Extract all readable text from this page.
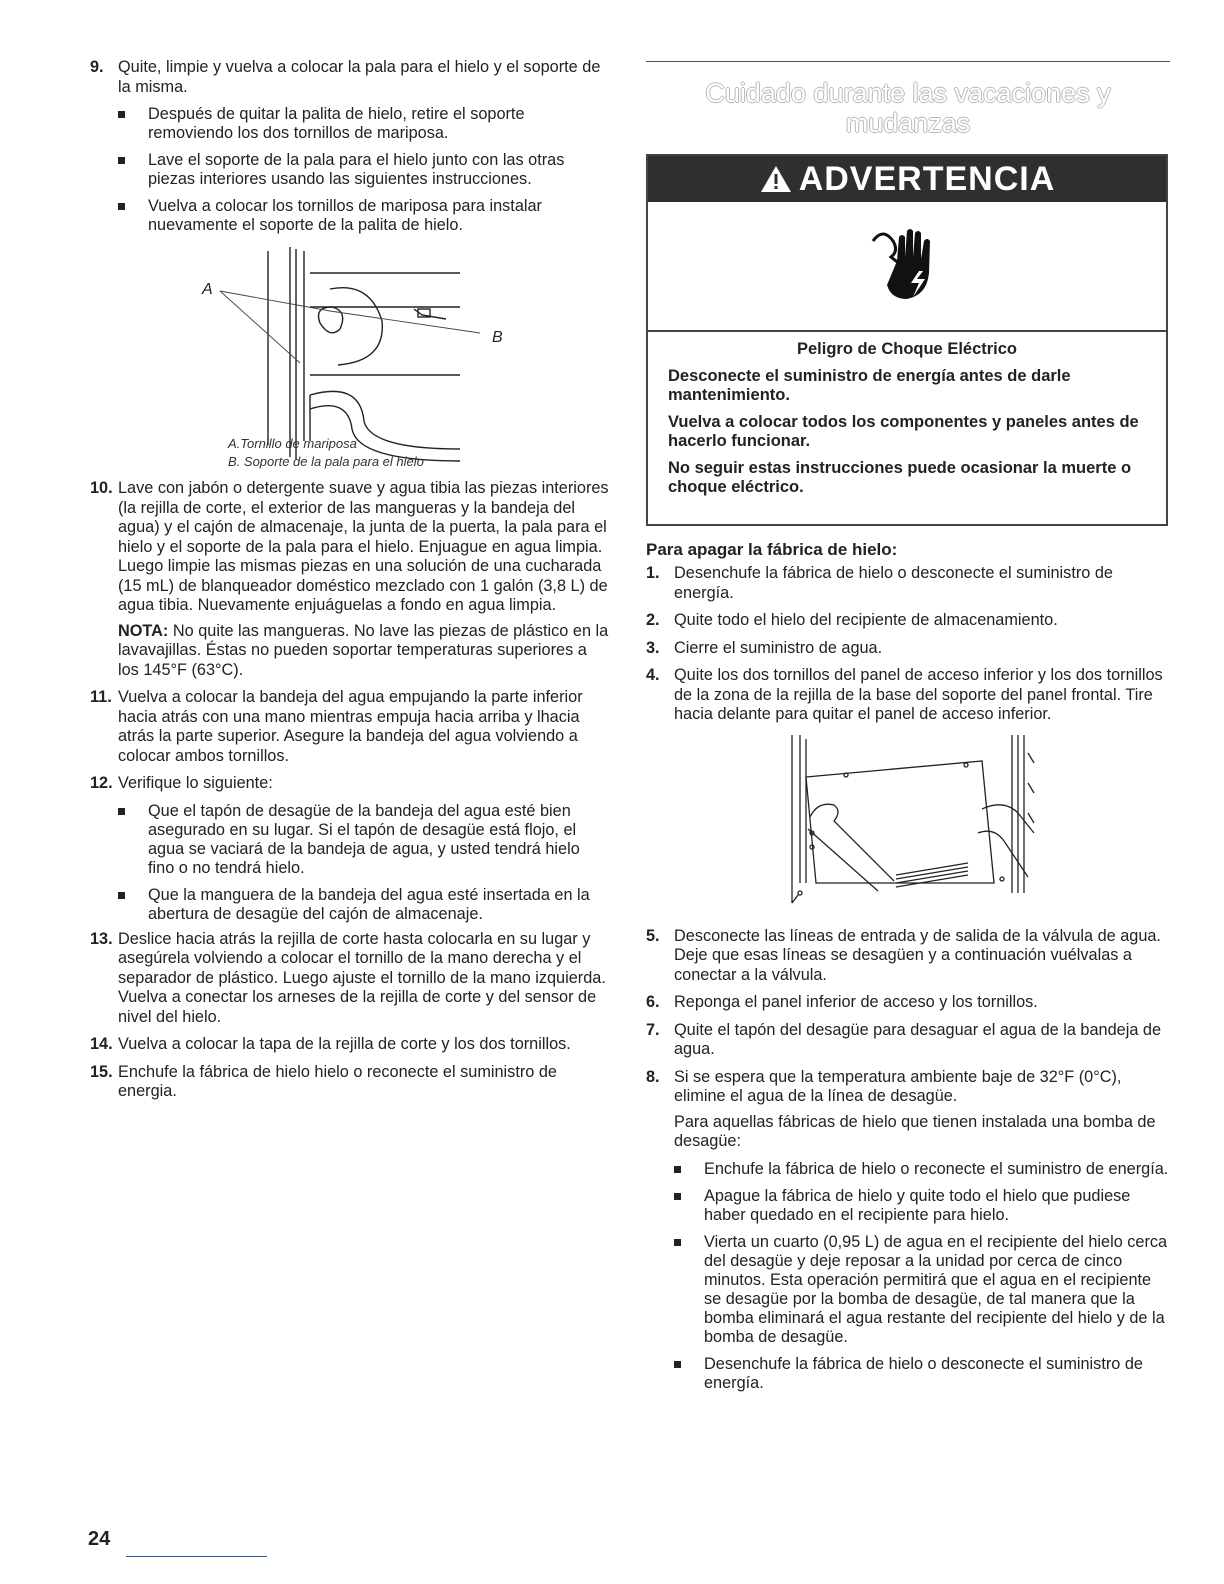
9. Quite, limpie y vuelva a colocar la pala para el hielo y el soporte de la misma.
Después de quitar la palita de hielo, retire el soporte removiendo los dos tornillos de mariposa.
Lave el soporte de la pala para el hielo junto con las otras piezas interiores usando las siguientes instrucciones.
Vuelva a colocar los tornillos de mariposa para instalar nuevamente el soporte de la palita de hielo.
A
B
A.Tornillo de mariposa
B. Soporte de la pala para el hielo
10. Lave con jabón o detergente suave y agua tibia las piezas interiores (la rejilla de corte, el exterior de las mangueras y la bandeja del agua) y el cajón de almacenaje, la junta de la puerta, la pala para el hielo y el soporte de la pala para el hielo. Enjuague en agua limpia. Luego limpie las mismas piezas en una solución de una cucharada (15 mL) de blanqueador doméstico mezclado con 1 galón (3,8 L) de agua tibia. Nuevamente enjuáguelas a fondo en agua limpia.
NOTA: No quite las mangueras. No lave las piezas de plástico en la lavavajillas. Éstas no pueden soportar temperaturas superiores a los 145°F (63°C).
11. Vuelva a colocar la bandeja del agua empujando la parte inferior hacia atrás con una mano mientras empuja hacia arriba y lhacia atrás la parte superior. Asegure la bandeja del agua volviendo a colocar ambos tornillos.
12. Verifique lo siguiente:
Que el tapón de desagüe de la bandeja del agua esté bien asegurado en su lugar. Si el tapón de desagüe está flojo, el agua se vaciará de la bandeja de agua, y usted tendrá hielo fino o no tendrá hielo.
Que la manguera de la bandeja del agua esté insertada en la abertura de desagüe del cajón de almacenaje.
13. Deslice hacia atrás la rejilla de corte hasta colocarla en su lugar y asegúrela volviendo a colocar el tornillo de la mano derecha y el separador de plástico. Luego ajuste el tornillo de la mano izquierda. Vuelva a conectar los arneses de la rejilla de corte y del sensor de nivel del hielo.
14. Vuelva a colocar la tapa de la rejilla de corte y los dos tornillos.
15. Enchufe la fábrica de hielo hielo o reconecte el suministro de energia.
Cuidado durante las vacaciones y mudanzas
ADVERTENCIA
Peligro de Choque Eléctrico
Desconecte el suministro de energía antes de darle mantenimiento.
Vuelva a colocar todos los componentes y paneles antes de hacerlo funcionar.
No seguir estas instrucciones puede ocasionar la muerte o choque eléctrico.
Para apagar la fábrica de hielo:
1. Desenchufe la fábrica de hielo o desconecte el suministro de energía.
2. Quite todo el hielo del recipiente de almacenamiento.
3. Cierre el suministro de agua.
4. Quite los dos tornillos del panel de acceso inferior y los dos tornillos de la zona de la rejilla de la base del soporte del panel frontal. Tire hacia delante para quitar el panel de acceso inferior.
5. Desconecte las líneas de entrada y de salida de la válvula de agua. Deje que esas líneas se desagüen y a continuación vuélvalas a conectar a la válvula.
6. Reponga el panel inferior de acceso y los tornillos.
7. Quite el tapón del desagüe para desaguar el agua de la bandeja de agua.
8. Si se espera que la temperatura ambiente baje de 32°F (0°C), elimine el agua de la línea de desagüe.
Para aquellas fábricas de hielo que tienen instalada una bomba de desagüe:
Enchufe la fábrica de hielo o reconecte el suministro de energía.
Apague la fábrica de hielo y quite todo el hielo que pudiese haber quedado en el recipiente para hielo.
Vierta un cuarto (0,95 L) de agua en el recipiente del hielo cerca del desagüe y deje reposar a la unidad por cerca de cinco minutos. Esta operación permitirá que el agua en el recipiente se desagüe por la bomba de desagüe, de tal manera que la bomba eliminará el agua restante del recipiente del hielo y de la bomba de desagüe.
Desenchufe la fábrica de hielo o desconecte el suministro de energía.
24
